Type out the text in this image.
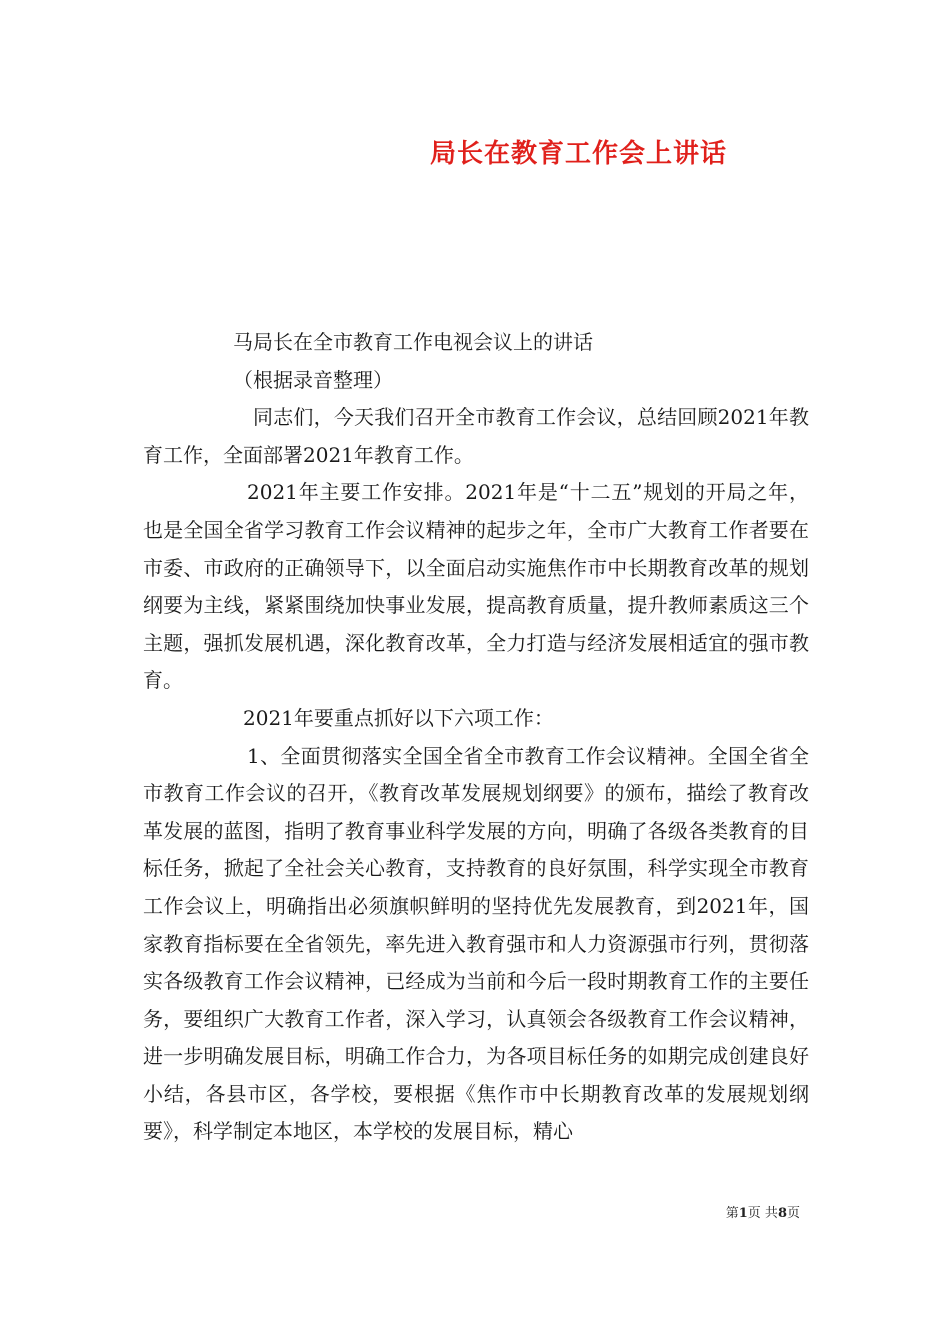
局长在教育工作会上讲话

马局长在全市教育工作电视会议上的讲话

（根据录音整理）

同志们，今天我们召开全市教育工作会议，总结回顾2021年教育工作，全面部署2021年教育工作。

2021年主要工作安排。2021年是“十二五”规划的开局之年，也是全国全省学习教育工作会议精神的起步之年，全市广大教育工作者要在市委、市政府的正确领导下，以全面启动实施焦作市中长期教育改革的规划纲要为主线，紧紧围绕加快事业发展，提高教育质量，提升教师素质这三个主题，强抓发展机遇，深化教育改革，全力打造与经济发展相适宜的强市教育。

2021年要重点抓好以下六项工作：

1、全面贯彻落实全国全省全市教育工作会议精神。全国全省全市教育工作会议的召开，《教育改革发展规划纲要》的颁布，描绘了教育改革发展的蓝图，指明了教育事业科学发展的方向，明确了各级各类教育的目标任务，掀起了全社会关心教育，支持教育的良好氛围，科学实现全市教育工作会议上，明确指出必须旗帜鲜明的坚持优先发展教育，到2021年，国家教育指标要在全省领先，率先进入教育强市和人力资源强市行列，贯彻落实各级教育工作会议精神，已经成为当前和今后一段时期教育工作的主要任务，要组织广大教育工作者，深入学习，认真领会各级教育工作会议精神，进一步明确发展目标，明确工作合力，为各项目标任务的如期完成创建良好小结，各县市区，各学校，要根据《焦作市中长期教育改革的发展规划纲要》，科学制定本地区，本学校的发展目标，精心

第1页 共8页
